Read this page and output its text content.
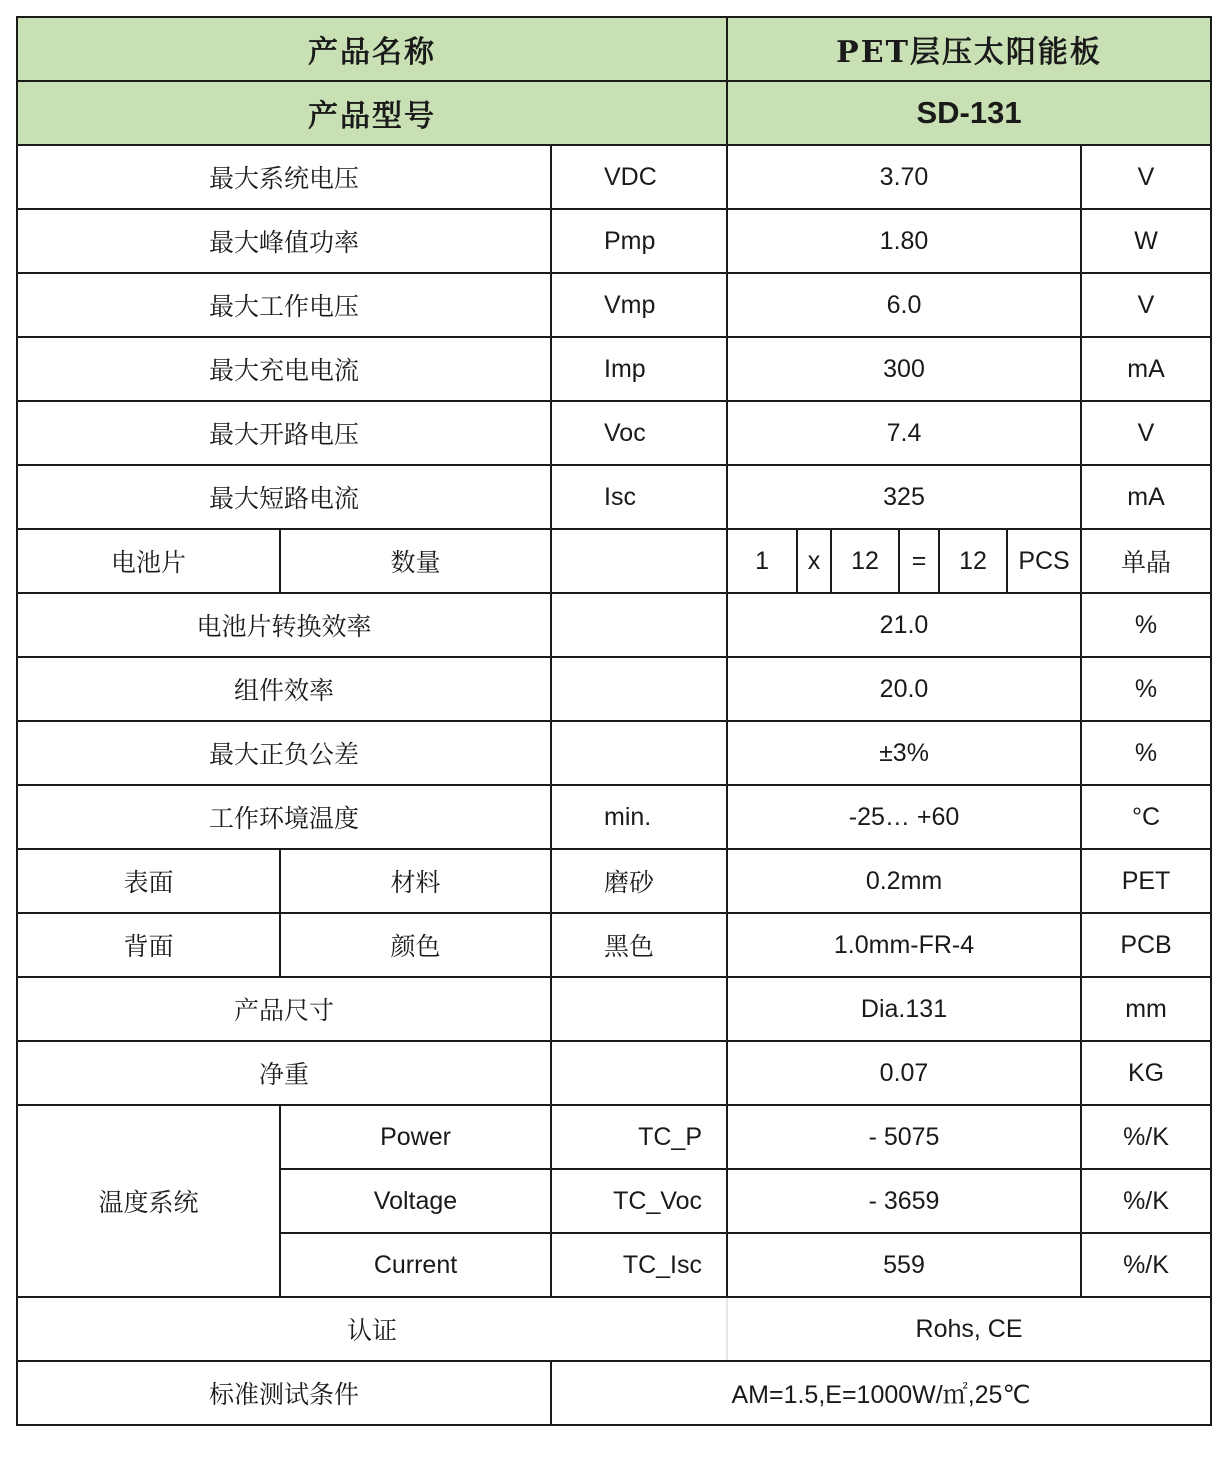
产品名称			PET层压太阳能板						
产品型号			SD-131						
最大系统电压		VDC	3.70						V
最大峰值功率		Pmp	1.80						W
最大工作电压		Vmp	6.0						V
最大充电电流		Imp	300						mA
最大开路电压		Voc	7.4						V
最大短路电流		Isc	325						mA
电池片	数量		1	x	12	=	12	PCS	单晶
电池片转换效率			21.0						%
组件效率			20.0						%
最大正负公差			±3%						%
工作环境温度		min.	-25… +60						°C
表面	材料	磨砂	0.2mm						PET
背面	颜色	黑色	1.0mm-FR-4						PCB
产品尺寸			Dia.131						mm
净重			0.07						KG
温度系统	Power	TC_P	- 5075						%/K
	Voltage	TC_Voc	- 3659						%/K
	Current	TC_Isc	559						%/K
认证			Rohs, CE						
标准测试条件		AM=1.5,E=1000W/㎡,25℃							
